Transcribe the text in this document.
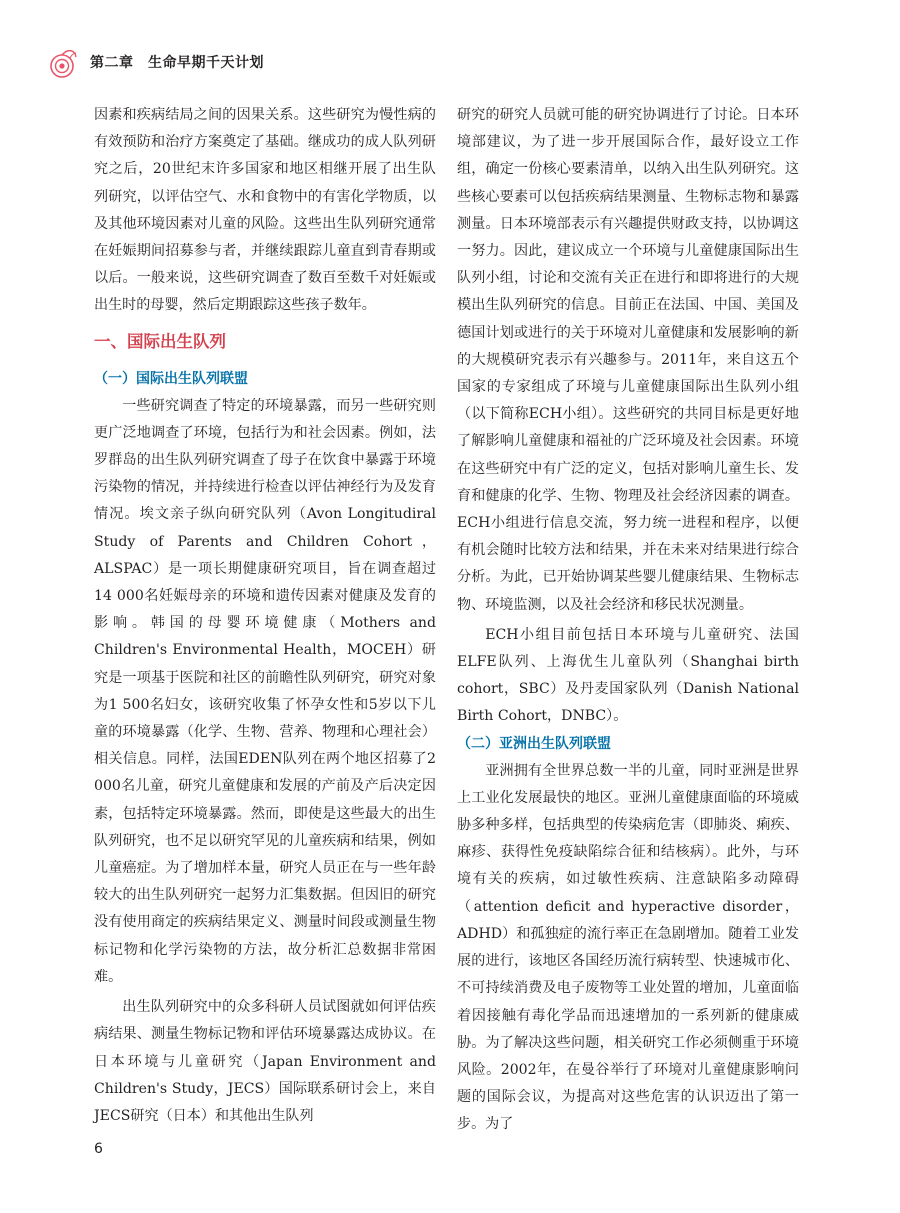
第二章　生命早期千天计划

因素和疾病结局之间的因果关系。这些研究为慢性病的有效预防和治疗方案奠定了基础。继成功的成人队列研究之后，20世纪末许多国家和地区相继开展了出生队列研究，以评估空气、水和食物中的有害化学物质，以及其他环境因素对儿童的风险。这些出生队列研究通常在妊娠期间招募参与者，并继续跟踪儿童直到青春期或以后。一般来说，这些研究调查了数百至数千对妊娠或出生时的母婴，然后定期跟踪这些孩子数年。

一、国际出生队列
（一）国际出生队列联盟

一些研究调查了特定的环境暴露，而另一些研究则更广泛地调查了环境，包括行为和社会因素。例如，法罗群岛的出生队列研究调查了母子在饮食中暴露于环境污染物的情况，并持续进行检查以评估神经行为及发育情况。埃文亲子纵向研究队列（Avon Longitudiral Study of Parents and Children Cohort，ALSPAC）是一项长期健康研究项目，旨在调查超过14 000名妊娠母亲的环境和遗传因素对健康及发育的影响。韩国的母婴环境健康（Mothers and Children's Environmental Health，MOCEH）研究是一项基于医院和社区的前瞻性队列研究，研究对象为1 500名妇女，该研究收集了怀孕女性和5岁以下儿童的环境暴露（化学、生物、营养、物理和心理社会）相关信息。同样，法国EDEN队列在两个地区招募了2 000名儿童，研究儿童健康和发展的产前及产后决定因素，包括特定环境暴露。然而，即使是这些最大的出生队列研究，也不足以研究罕见的儿童疾病和结果，例如儿童癌症。为了增加样本量，研究人员正在与一些年龄较大的出生队列研究一起努力汇集数据。但因旧的研究没有使用商定的疾病结果定义、测量时间段或测量生物标记物和化学污染物的方法，故分析汇总数据非常困难。

出生队列研究中的众多科研人员试图就如何评估疾病结果、测量生物标记物和评估环境暴露达成协议。在日本环境与儿童研究（Japan Environment and Children's Study，JECS）国际联系研讨会上，来自JECS研究（日本）和其他出生队列

研究的研究人员就可能的研究协调进行了讨论。日本环境部建议，为了进一步开展国际合作，最好设立工作组，确定一份核心要素清单，以纳入出生队列研究。这些核心要素可以包括疾病结果测量、生物标志物和暴露测量。日本环境部表示有兴趣提供财政支持，以协调这一努力。因此，建议成立一个环境与儿童健康国际出生队列小组，讨论和交流有关正在进行和即将进行的大规模出生队列研究的信息。目前正在法国、中国、美国及德国计划或进行的关于环境对儿童健康和发展影响的新的大规模研究表示有兴趣参与。2011年，来自这五个国家的专家组成了环境与儿童健康国际出生队列小组（以下简称ECH小组）。这些研究的共同目标是更好地了解影响儿童健康和福祉的广泛环境及社会因素。环境在这些研究中有广泛的定义，包括对影响儿童生长、发育和健康的化学、生物、物理及社会经济因素的调查。ECH小组进行信息交流，努力统一进程和程序，以便有机会随时比较方法和结果，并在未来对结果进行综合分析。为此，已开始协调某些婴儿健康结果、生物标志物、环境监测，以及社会经济和移民状况测量。

ECH小组目前包括日本环境与儿童研究、法国ELFE队列、上海优生儿童队列（Shanghai birth cohort，SBC）及丹麦国家队列（Danish National Birth Cohort，DNBC）。

（二）亚洲出生队列联盟

亚洲拥有全世界总数一半的儿童，同时亚洲是世界上工业化发展最快的地区。亚洲儿童健康面临的环境威胁多种多样，包括典型的传染病危害（即肺炎、痢疾、麻疹、获得性免疫缺陷综合征和结核病）。此外，与环境有关的疾病，如过敏性疾病、注意缺陷多动障碍（attention deficit and hyperactive disorder，ADHD）和孤独症的流行率正在急剧增加。随着工业发展的进行，该地区各国经历流行病转型、快速城市化、不可持续消费及电子废物等工业处置的增加，儿童面临着因接触有毒化学品而迅速增加的一系列新的健康威胁。为了解决这些问题，相关研究工作必须侧重于环境风险。2002年，在曼谷举行了环境对儿童健康影响问题的国际会议，为提高对这些危害的认识迈出了第一步。为了

6
